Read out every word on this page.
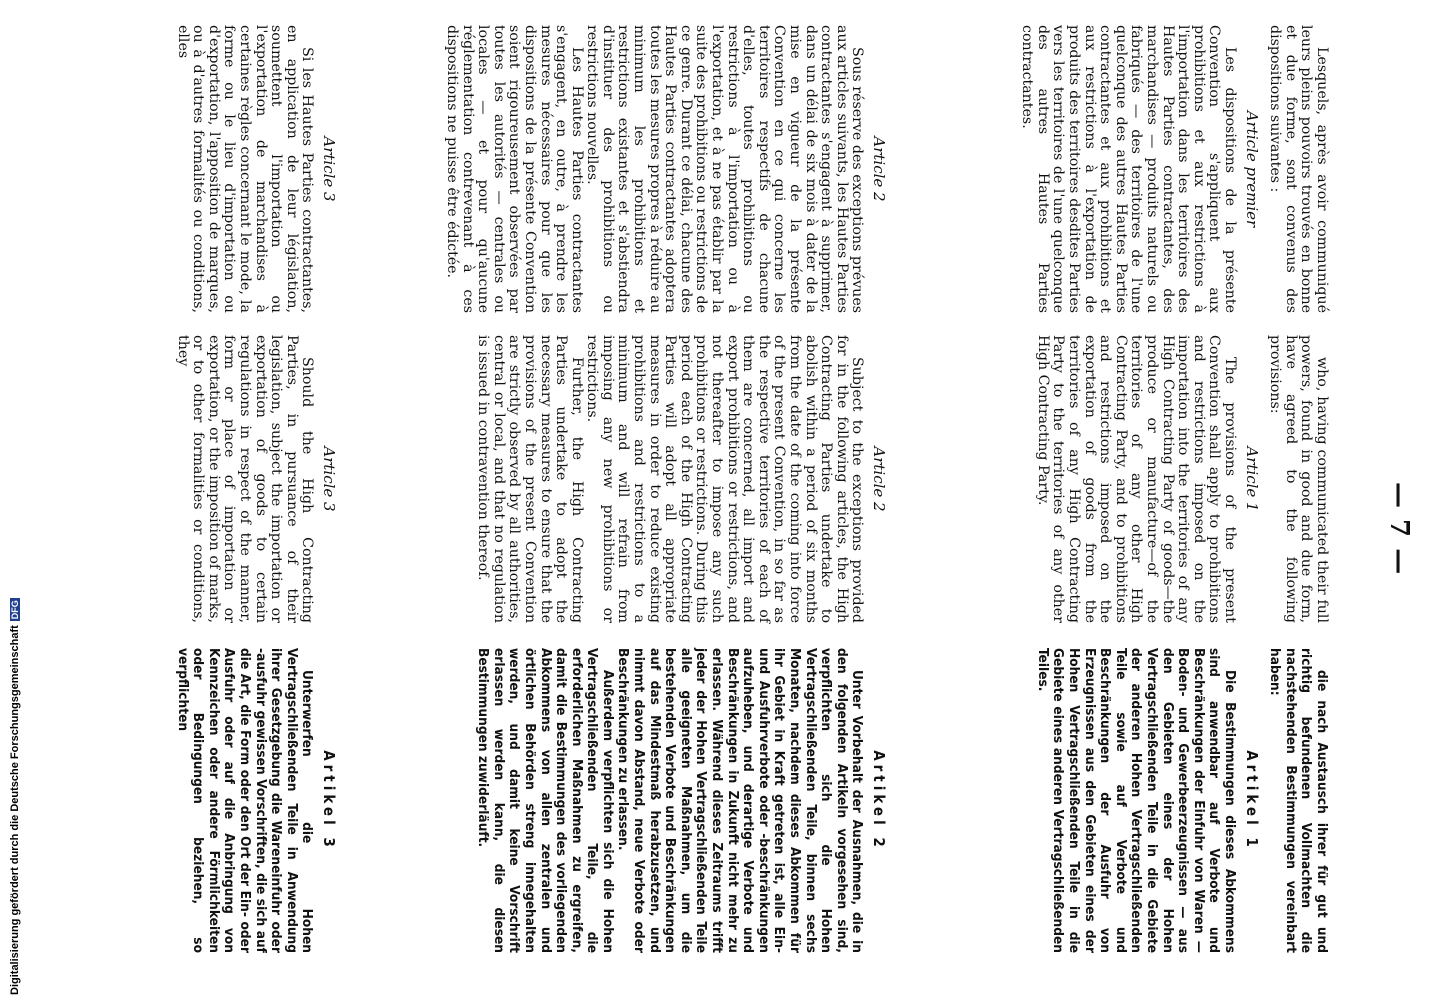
— 7 —

Lesquels, après avoir communiqué leurs pleins pouvoirs trouvés en bonne et due forme, sont convenus des dispositions suivantes :

Article premier

Les dispositions de la présente Convention s'appliquent aux prohibitions et aux restrictions à l'importation dans les territoires des Hautes Parties contractantes, des marchandises — produits naturels ou fabriqués — des territoires de l'une quelconque des autres Hautes Parties contractantes et aux prohibitions et aux restrictions à l'exportation de produits des territoires desdites Parties vers les territoires de l'une quelconque des autres Hautes Parties contractantes.

Article 2

Sous réserve des exceptions prévues aux articles suivants, les Hautes Parties contractantes s'engagent à supprimer, dans un délai de six mois à dater de la mise en vigueur de la présente Convention en ce qui concerne les territoires respectifs de chacune d'elles, toutes prohibitions ou restrictions à l'importation ou à l'exportation, et à ne pas établir par la suite des prohibitions ou restrictions de ce genre. Durant ce délai, chacune des Hautes Parties contractantes adoptera toutes les mesures propres à réduire au minimum les prohibitions et restrictions existantes et s'abstiendra d'instituer des prohibitions ou restrictions nouvelles.

Les Hautes Parties contractantes s'engagent, en outre, à prendre les mesures nécessaires pour que les dispositions de la présente Convention soient rigoureusement observées par toutes les autorités — centrales ou locales — et pour qu'aucune réglementation contrevenant à ces dispositions ne puisse être édictée.

Article 3

Si les Hautes Parties contractantes, en application de leur législation, soumettent l'importation ou l'exportation de marchandises à certaines règles concernant le mode, la forme ou le lieu d'importation ou d'exportation, l'apposition de marques, ou à d'autres formalités ou conditions, elles

who, having communicated their full powers, found in good and due form, have agreed to the following provisions:

Article 1

The provisions of the present Convention shall apply to prohibitions and restrictions imposed on the importation into the territories of any High Contracting Party of goods—the produce or manufacture—of the territories of any other High Contracting Party, and to prohibitions and restrictions imposed on the exportation of goods from the territories of any High Contracting Party to the territories of any other High Contracting Party.

Article 2

Subject to the exceptions provided for in the following articles, the High Contracting Parties undertake to abolish within a period of six months from the date of the coming into force of the present Convention, in so far as the respective territories of each of them are concerned, all import and export prohibitions or restrictions, and not thereafter to impose any such prohibitions or restrictions. During this period each of the High Contracting Parties will adopt all appropriate measures in order to reduce existing prohibitions and restrictions to a minimum and will refrain from imposing any new prohibitions or restrictions.

Further, the High Contracting Parties undertake to adopt the necessary measures to ensure that the provisions of the present Convention are strictly observed by all authorities, central or local, and that no regulation is issued in contravention thereof.

Article 3

Should the High Contracting Parties, in pursuance of their legislation, subject the importation or exportation of goods to certain regulations in respect of the manner, form or place of importation or exportation, or the imposition of marks, or to other formalities or conditions, they

die nach Austausch ihrer für gut und richtig befundenen Vollmachten die nachstehenden Bestimmungen vereinbart haben:

Artikel 1

Die Bestimmungen dieses Abkommens sind anwendbar auf Verbote und Beschränkungen der Einfuhr von Waren — Boden- und Gewerbeerzeugnissen — aus den Gebieten eines der Hohen Vertragschließenden Teile in die Gebiete der anderen Hohen Vertragschließenden Teile sowie auf Verbote und Beschränkungen der Ausfuhr von Erzeugnissen aus den Gebieten eines der Hohen Vertragschließenden Teile in die Gebiete eines anderen Vertragschließenden Teiles.

Artikel 2

Unter Vorbehalt der Ausnahmen, die in den folgenden Artikeln vorgesehen sind, verpflichten sich die Hohen Vertragschließenden Teile, binnen sechs Monaten, nachdem dieses Abkommen für ihr Gebiet in Kraft getreten ist, alle Ein- und Ausfuhrverbote oder -beschränkungen aufzuheben, und derartige Verbote und Beschränkungen in Zukunft nicht mehr zu erlassen. Während dieses Zeitraums trifft jeder der Hohen Vertragschließenden Teile alle geeigneten Maßnahmen, um die bestehenden Verbote und Beschränkungen auf das Mindestmaß herabzusetzen, und nimmt davon Abstand, neue Verbote oder Beschränkungen zu erlassen.

Außerdem verpflichten sich die Hohen Vertragschließenden Teile, die erforderlichen Maßnahmen zu ergreifen, damit die Bestimmungen des vorliegenden Abkommens von allen zentralen und örtlichen Behörden streng innegehalten werden, und damit keine Vorschrift erlassen werden kann, die diesen Bestimmungen zuwiderläuft.

Artikel 3

Unterwerfen die Hohen Vertragschließenden Teile in Anwendung ihrer Gesetzgebung die Wareneinfuhr oder -ausfuhr gewissen Vorschriften, die sich auf die Art, die Form oder den Ort der Ein- oder Ausfuhr oder auf die Anbringung von Kennzeichen oder andere Förmlichkeiten oder Bedingungen beziehen, so verpflichten

Digitalisierung gefördert durch die Deutsche ForschungsgemeinschaftDFG
